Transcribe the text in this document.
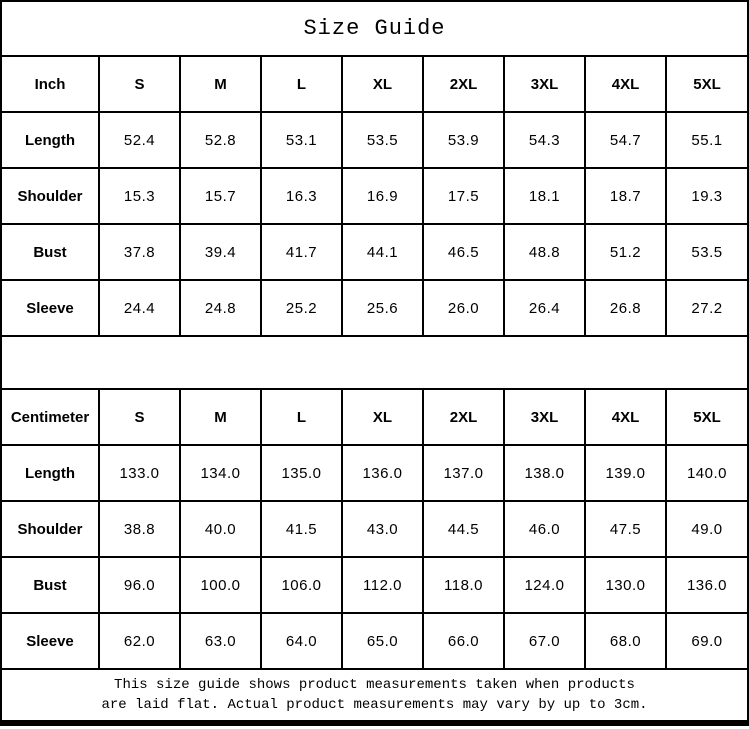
Size Guide
Inch	S	M	L	XL	2XL	3XL	4XL	5XL
Length	52.4	52.8	53.1	53.5	53.9	54.3	54.7	55.1
Shoulder	15.3	15.7	16.3	16.9	17.5	18.1	18.7	19.3
Bust	37.8	39.4	41.7	44.1	46.5	48.8	51.2	53.5
Sleeve	24.4	24.8	25.2	25.6	26.0	26.4	26.8	27.2
Centimeter	S	M	L	XL	2XL	3XL	4XL	5XL
Length	133.0	134.0	135.0	136.0	137.0	138.0	139.0	140.0
Shoulder	38.8	40.0	41.5	43.0	44.5	46.0	47.5	49.0
Bust	96.0	100.0	106.0	112.0	118.0	124.0	130.0	136.0
Sleeve	62.0	63.0	64.0	65.0	66.0	67.0	68.0	69.0
This size guide shows product measurements taken when products
are laid flat. Actual product measurements may vary by up to 3cm.
